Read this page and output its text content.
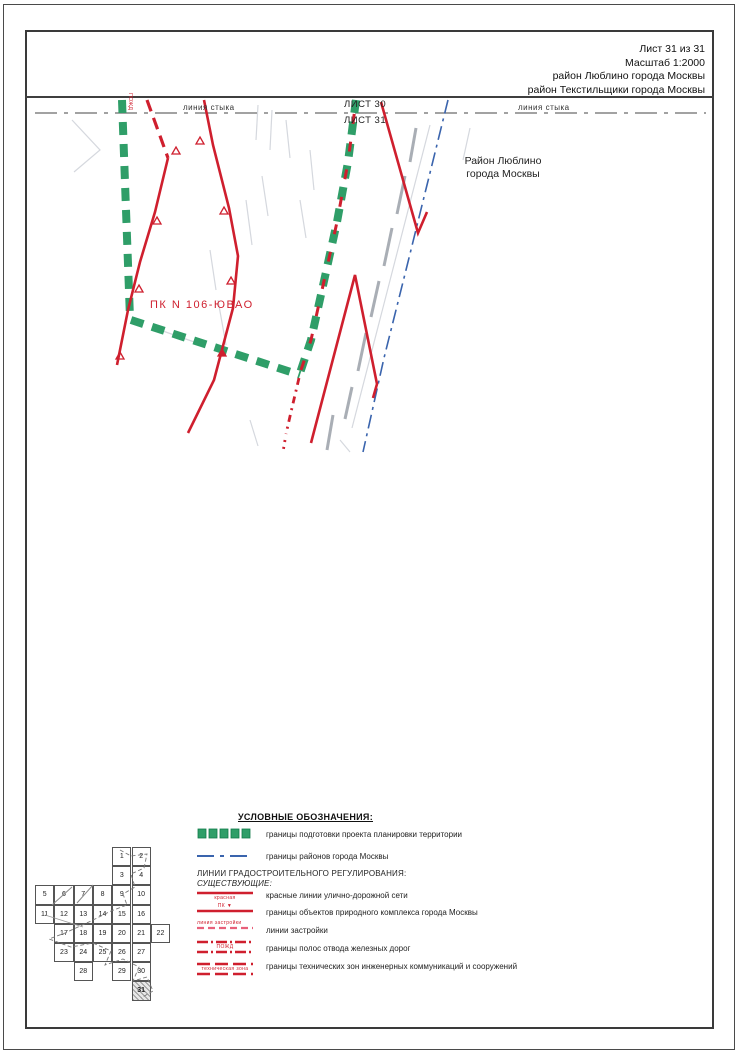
Лист 31 из 31
Масштаб 1:2000
район Люблино города Москвы
район Текстильщики города Москвы
линия стыка	линия стыка
ЛИСТ 30
ЛИСТ 31
Район Люблино
города Москвы
ПК N 106-ЮВАО
ПОЖД
УСЛОВНЫЕ ОБОЗНАЧЕНИЯ:
границы подготовки проекта планировки территории
границы районов города Москвы
ЛИНИИ ГРАДОСТРОИТЕЛЬНОГО РЕГУЛИРОВАНИЯ:
СУЩЕСТВУЮЩИЕ:
красная	красные линии улично-дорожной сети
ПК ▼
границы объектов природного комплекса города Москвы
линия застройки
линии застройки
ПОЖД	границы полос отвода железных дорог
техническая зона	границы технических зон инженерных коммуникаций и сооружений
1	2
3	4
5	6	7	8	9	10
11	12	13	14	15	16
17	18	19	20	21	22
23	24	25	26	27
28	29	30
31
